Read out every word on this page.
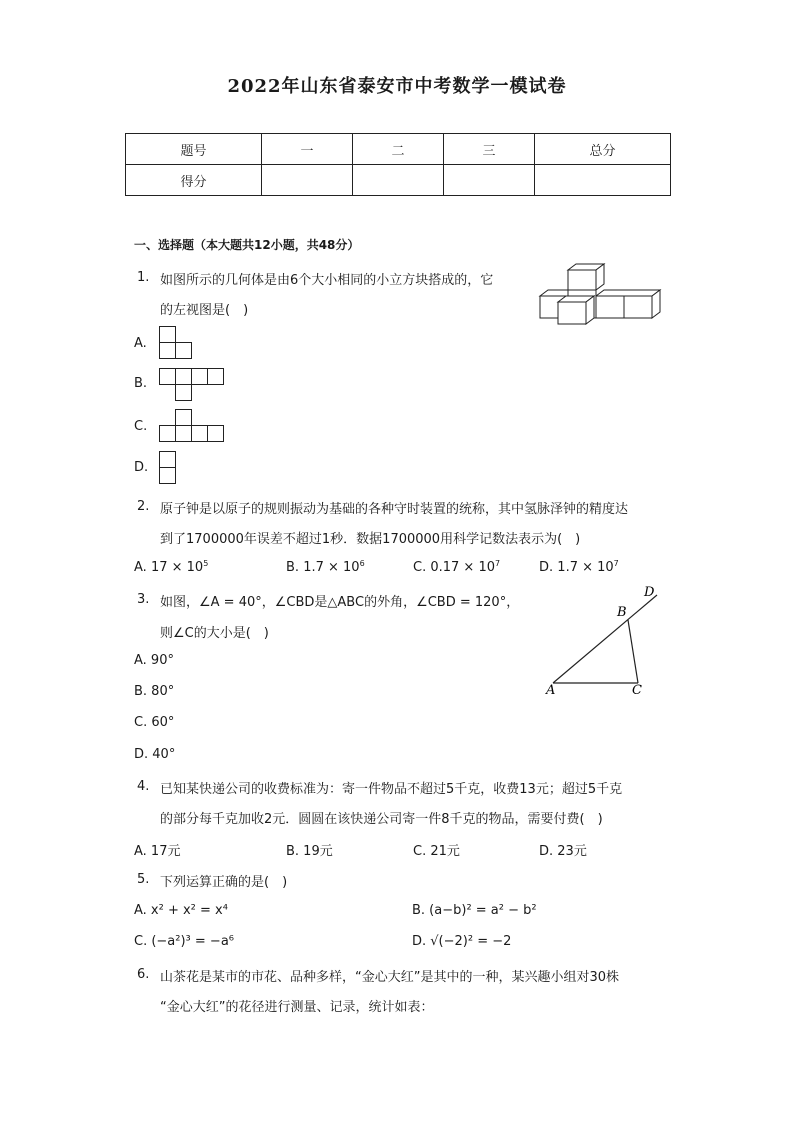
2022年山东省泰安市中考数学一模试卷
题号	一	二	三	总分
得分				
一、选择题（本大题共12小题，共48分）
1. 如图所示的几何体是由6个大小相同的小立方块搭成的，它
的左视图是(　)
A.
B.
C.
D.
2. 原子钟是以原子的规则振动为基础的各种守时装置的统称，其中氢脉泽钟的精度达
到了1700000年误差不超过1秒．数据1700000用科学记数法表示为(　)
A. $17 \times 10^5$	B. $1.7 \times 10^6$	C. $0.17 \times 10^7$	D. $1.7 \times 10^7$
3. 如图，∠A = 40°，∠CBD是△ABC的外角，∠CBD = 120°，
则∠C的大小是(　)
A	C
B
D
A. 90°
B. 80°
C. 60°
D. 40°
4. 已知某快递公司的收费标准为：寄一件物品不超过5千克，收费13元；超过5千克
的部分每千克加收2元．圆圆在该快递公司寄一件8千克的物品，需要付费(　)
A. 17元	B. 19元	C. 21元	D. 23元
5. 下列运算正确的是(　)
A. x² + x² = x⁴	B. (a−b)² = a² − b²
C. (−a²)³ = −a⁶	D. √(−2)² = −2
6. 山茶花是某市的市花、品种多样，“金心大红”是其中的一种，某兴趣小组对30株
“金心大红”的花径进行测量、记录，统计如表：
